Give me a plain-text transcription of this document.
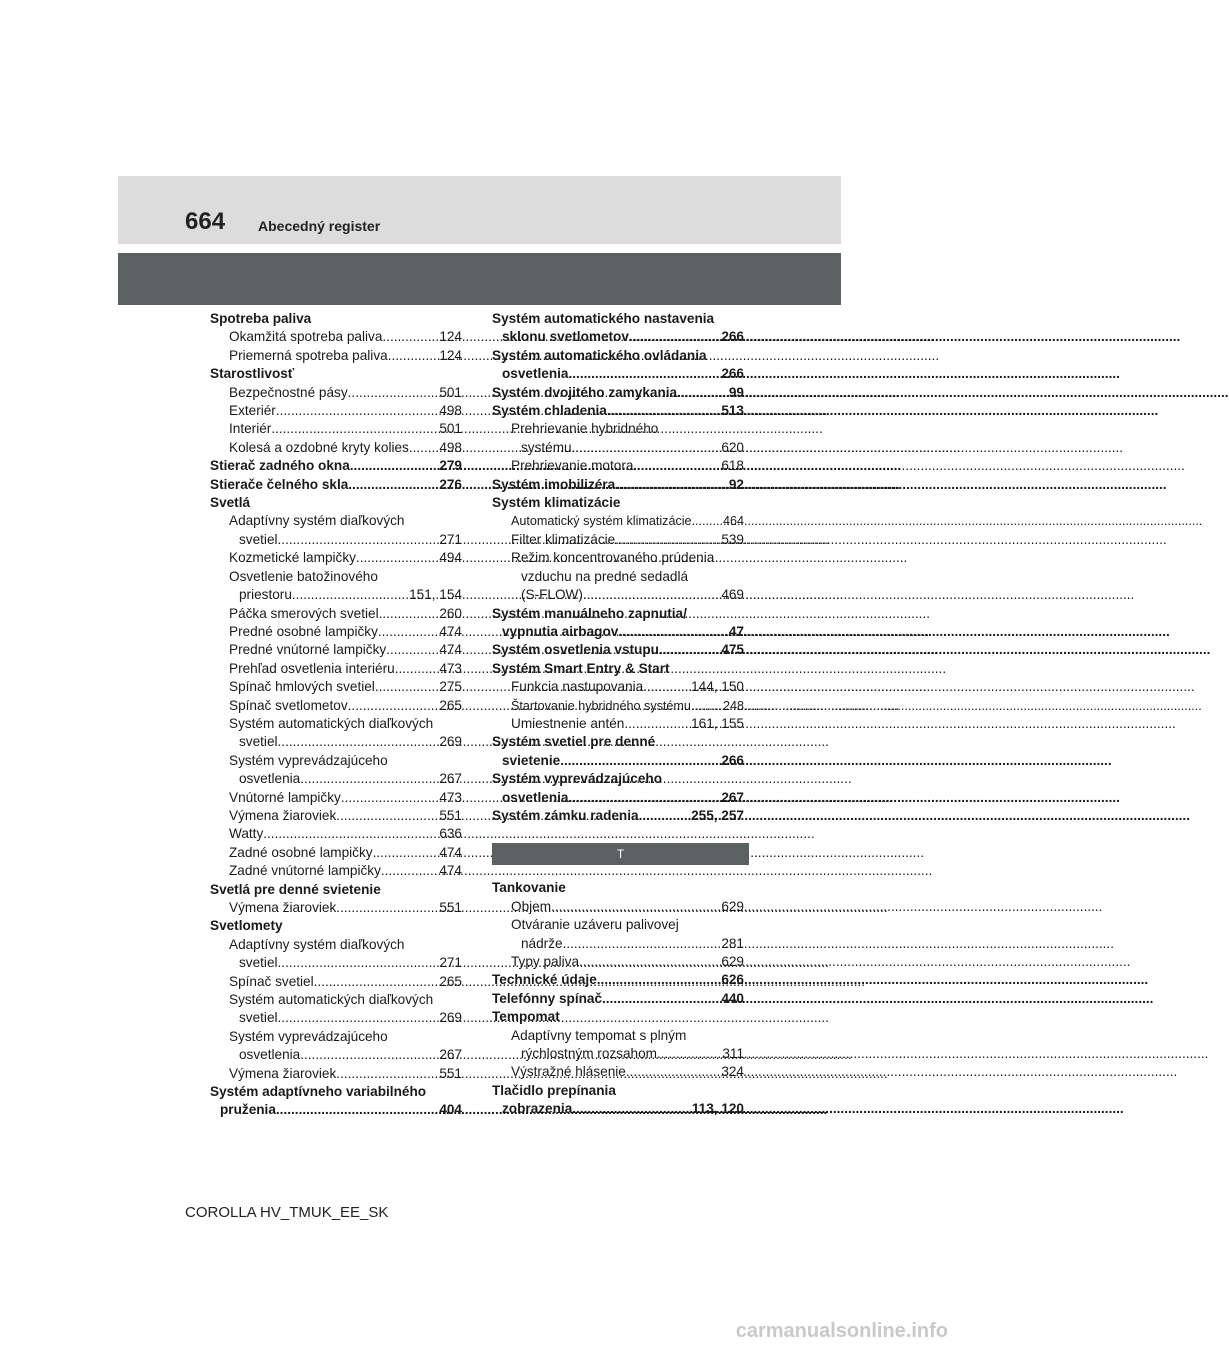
664 Abecedný register
Spotreba paliva
Okamžitá spotreba paliva .....	124
Priemerná spotreba paliva .....	124
Starostlivosť
Bezpečnostné pásy .....	501
Exteriér .....	498
Interiér .....	501
Kolesá a ozdobné kryty kolies ..... 498
Stierač zadného okna .....	279
Stierače čelného skla .....	276
Svetlá
Adaptívny systém diaľkových
svetiel .....	271
Kozmetické lampičky .....	494
Osvetlenie batožinového
priestoru .....	151, 154
Páčka smerových svetiel .....	260
Predné osobné lampičky .....	474
Predné vnútorné lampičky .....	474
Prehľad osvetlenia interiéru .....	473
Spínač hmlových svetiel .....	275
Spínač svetlometov .....	265
Systém automatických diaľkových
svetiel .....	269
Systém vyprevádzajúceho
osvetlenia .....	267
Vnútorné lampičky .....	473
Výmena žiaroviek .....	551
Watty .....	636
Zadné osobné lampičky .....	474
Zadné vnútorné lampičky .....	474
Svetlá pre denné svietenie
Výmena žiaroviek .....	551
Svetlomety
Adaptívny systém diaľkových
svetiel .....	271
Spínač svetiel .....	265
Systém automatických diaľkových
svetiel .....	269
Systém vyprevádzajúceho
osvetlenia .....	267
Výmena žiaroviek .....	551
Systém adaptívneho variabilného
pruženia .....	404
Systém automatického nastavenia
sklonu svetlometov .....	266
Systém automatického ovládania
osvetlenia .....	266
Systém dvojitého zamykania .....	99
Systém chladenia .....	513
Prehrievanie hybridného
systému .....	620
Prehrievanie motora .....	618
Systém imobilizéra .....	92
Systém klimatizácie
Automatický systém klimatizácie ..... 464
Filter klimatizácie .....	539
Režim koncentrovaného prúdenia
vzduchu na predné sedadlá
(S-FLOW) .....	469
Systém manuálneho zapnutia/
vypnutia airbagov .....	47
Systém osvetlenia vstupu .....	475
Systém Smart Entry & Start
Funkcia nastupovania .....	144, 150
Štartovanie hybridného systému .....	248
Umiestnenie antén .....	161, 155
Systém svetiel pre denné
svietenie .....	266
Systém vyprevádzajúceho
osvetlenia .....	267
Systém zámku radenia .....	255, 257
T
Tankovanie
Objem .....	629
Otváranie uzáveru palivovej
nádrže .....	281
Typy paliva .....	629
Technické údaje .....	626
Telefónny spínač .....	440
Tempomat
Adaptívny tempomat s plným
rýchlostným rozsahom .....	311
Výstražné hlásenie .....	324
Tlačidlo prepínania
zobrazenia .....	113, 120
COROLLA HV_TMUK_EE_SK
carmanualsonline.info
